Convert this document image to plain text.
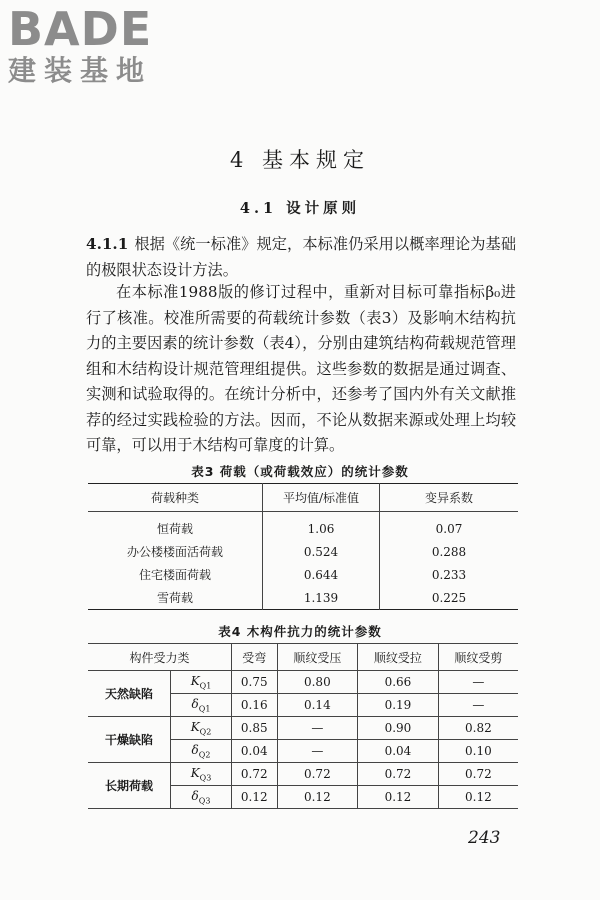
BADE
建装基地
4 基本规定
4.1 设计原则

4.1.1 根据《统一标准》规定，本标准仍采用以概率理论为基础的极限状态设计方法。

在本标准1988版的修订过程中，重新对目标可靠指标β₀进行了核准。校准所需要的荷载统计参数（表3）及影响木结构抗力的主要因素的统计参数（表4），分别由建筑结构荷载规范管理组和木结构设计规范管理组提供。这些参数的数据是通过调查、实测和试验取得的。在统计分析中，还参考了国内外有关文献推荐的经过实践检验的方法。因而，不论从数据来源或处理上均较可靠，可以用于木结构可靠度的计算。

表3 荷载（或荷载效应）的统计参数
荷载种类	平均值/标准值	变异系数
恒荷载	1.06	0.07
办公楼楼面活荷载	0.524	0.288
住宅楼面荷载	0.644	0.233
雪荷载	1.139	0.225
表4 木构件抗力的统计参数
构件受力类		受弯	顺纹受压	顺纹受拉	顺纹受剪
天然缺陷	$K_{Q1}$	0.75	0.80	0.66	—
	$\delta_{Q1}$	0.16	0.14	0.19	—
干燥缺陷	$K_{Q2}$	0.85	—	0.90	0.82
	$\delta_{Q2}$	0.04	—	0.04	0.10
长期荷载	$K_{Q3}$	0.72	0.72	0.72	0.72
	$\delta_{Q3}$	0.12	0.12	0.12	0.12
243
